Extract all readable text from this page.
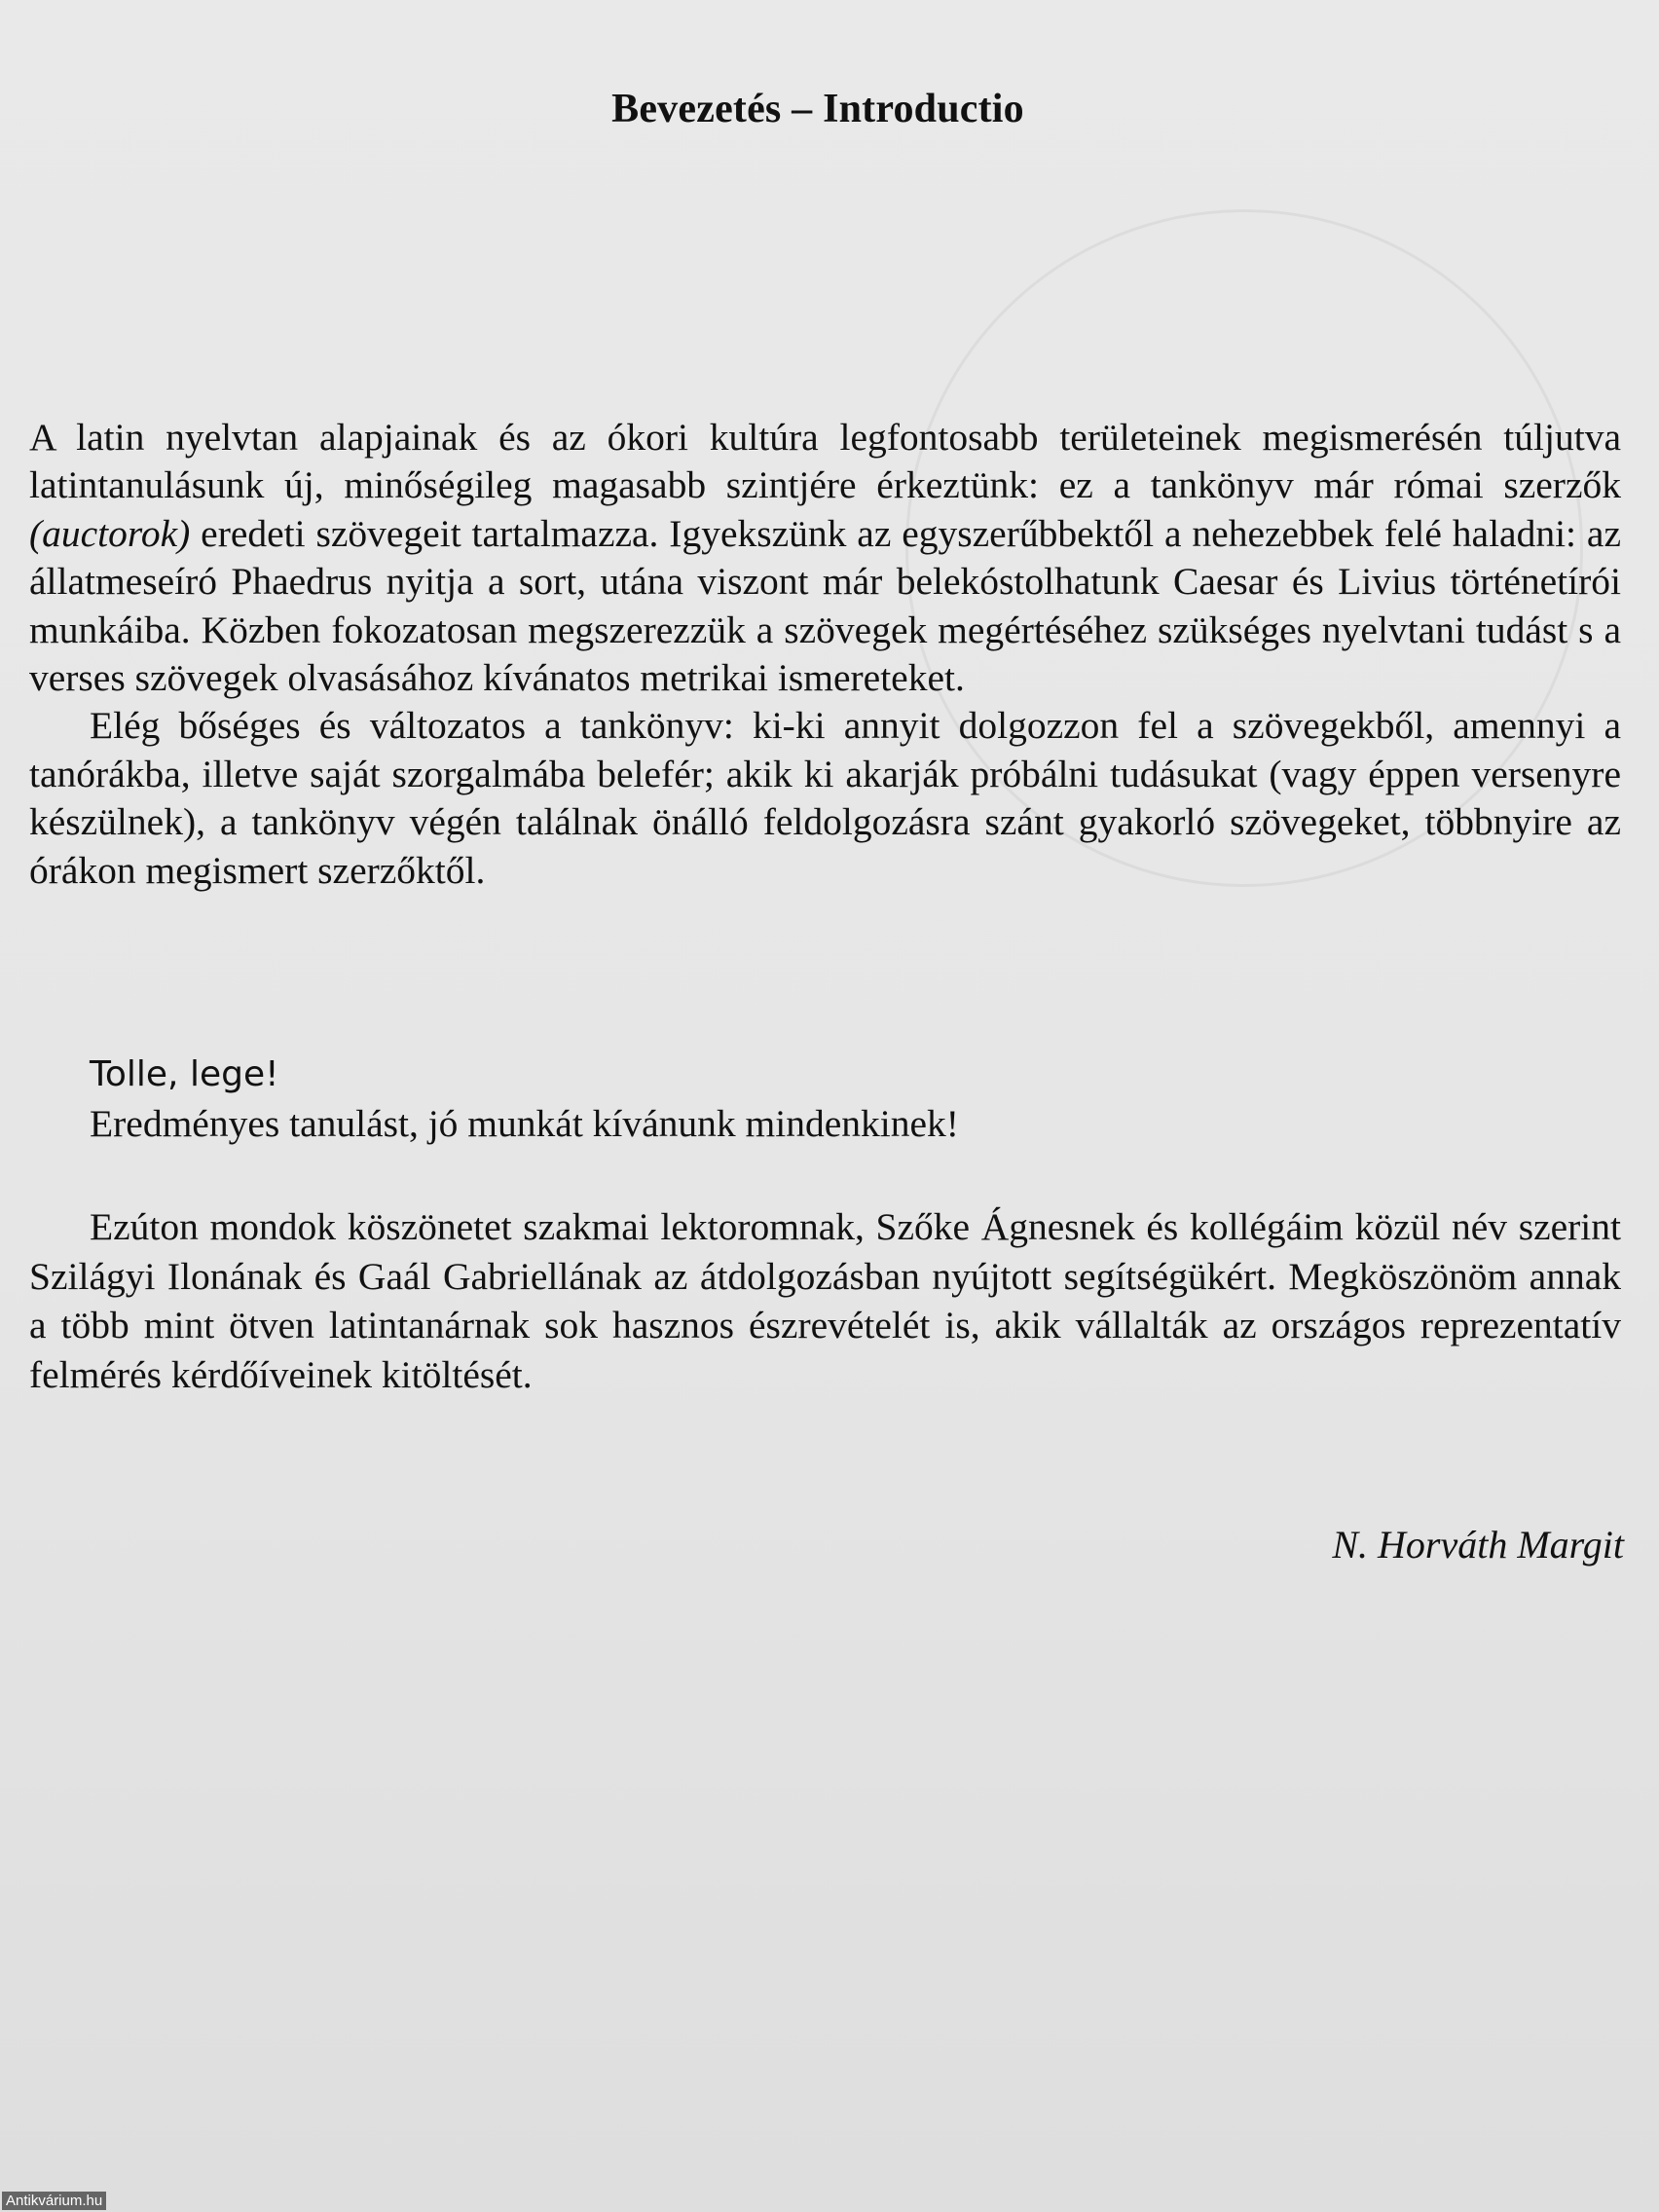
Bevezetés – Introductio

A latin nyelvtan alapjainak és az ókori kultúra legfontosabb területeinek megismerésén túljutva latintanulásunk új, minőségileg magasabb szintjére érkeztünk: ez a tankönyv már római szerzők (auctorok) eredeti szövegeit tartalmazza. Igyekszünk az egyszerűbbektől a nehezebbek felé haladni: az állatmeseíró Phaedrus nyitja a sort, utána viszont már belekóstolhatunk Caesar és Livius történetírói munkáiba. Közben fokozatosan megszerezzük a szövegek megértéséhez szükséges nyelvtani tudást s a verses szövegek olvasásához kívánatos metrikai ismereteket.

Elég bőséges és változatos a tankönyv: ki-ki annyit dolgozzon fel a szövegekből, amennyi a tanórákba, illetve saját szorgalmába belefér; akik ki akarják próbálni tudásukat (vagy éppen versenyre készülnek), a tankönyv végén találnak önálló feldolgozásra szánt gyakorló szövegeket, többnyire az órákon megismert szerzőktől.

Tolle, lege!
Eredményes tanulást, jó munkát kívánunk mindenkinek!

Ezúton mondok köszönetet szakmai lektoromnak, Szőke Ágnesnek és kollégáim közül név szerint Szilágyi Ilonának és Gaál Gabriellának az átdolgozásban nyújtott segítségükért. Megköszönöm annak a több mint ötven latintanárnak sok hasznos észrevételét is, akik vállalták az országos reprezentatív felmérés kérdőíveinek kitöltését.

N. Horváth Margit
Antikvárium.hu
